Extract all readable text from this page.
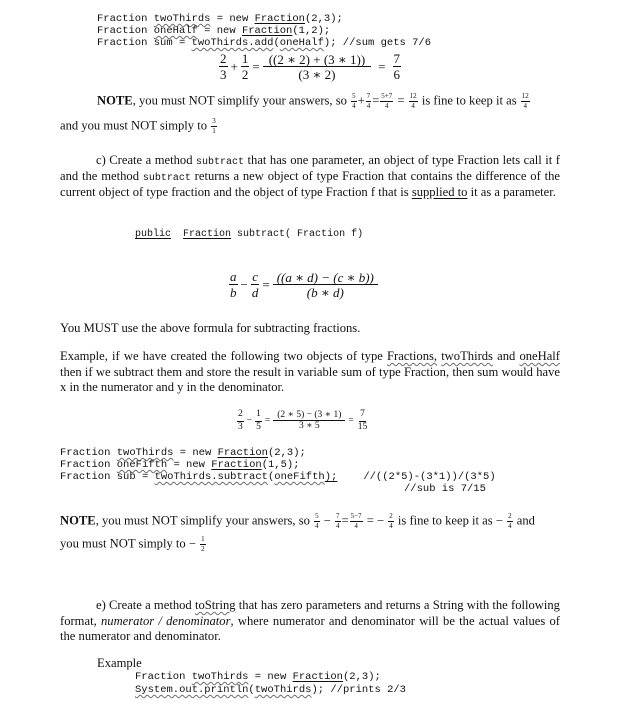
Fraction twoThirds = new Fraction(2,3);
Fraction oneHalf = new Fraction(1,2);
Fraction sum = twoThirds.add(oneHalf); //sum gets 7/6
$\frac{2}{3} + \frac{1}{2} = \frac{((2 ∗ 2) + (3 ∗ 1))}{(3 ∗ 2)} = \frac{7}{6}$
NOTE, you must NOT simplify your answers, so $\frac{5}{4} + \frac{7}{4} = \frac{5+7}{4} = \frac{12}{4}$ is fine to keep it as $\frac{12}{4}$
and you must NOT simply to $\frac{3}{1}$
c) Create a method subtract that has one parameter, an object of type Fraction lets call it f and the method subtract returns a new object of type Fraction that contains the difference of the current object of type fraction and the object of type Fraction f that is supplied to it as a parameter.
public Fraction subtract( Fraction f)
$\frac{a}{b} - \frac{c}{d} = \frac{((a ∗ d) - (c ∗ b))}{(b ∗ d)}$
You MUST use the above formula for subtracting fractions.
Example, if we have created the following two objects of type Fractions, twoThirds and oneHalf then if we subtract them and store the result in variable sum of type Fraction, then sum would have x in the numerator and y in the denominator.
$\frac{2}{3} - \frac{1}{5} = \frac{(2 ∗ 5) - (3 ∗ 1)}{3 ∗ 5} = \frac{7}{15}$
Fraction twoThirds = new Fraction(2,3);
Fraction oneFifth = new Fraction(1,5);
Fraction sub = twoThirds.subtract(oneFifth); //((2*5)-(3*1))/(3*5)
//sub is 7/15
NOTE, you must NOT simplify your answers, so $\frac{5}{4} - \frac{7}{4} = \frac{5-7}{4}$ = − $\frac{2}{4}$ is fine to keep it as − $\frac{2}{4}$ and
you must NOT simply to − $\frac{1}{2}$
e) Create a method toString that has zero parameters and returns a String with the following format, numerator / denominator, where numerator and denominator will be the actual values of the numerator and denominator.
Example
Fraction twoThirds = new Fraction(2,3);
System.out.println(twoThirds); //prints 2/3
